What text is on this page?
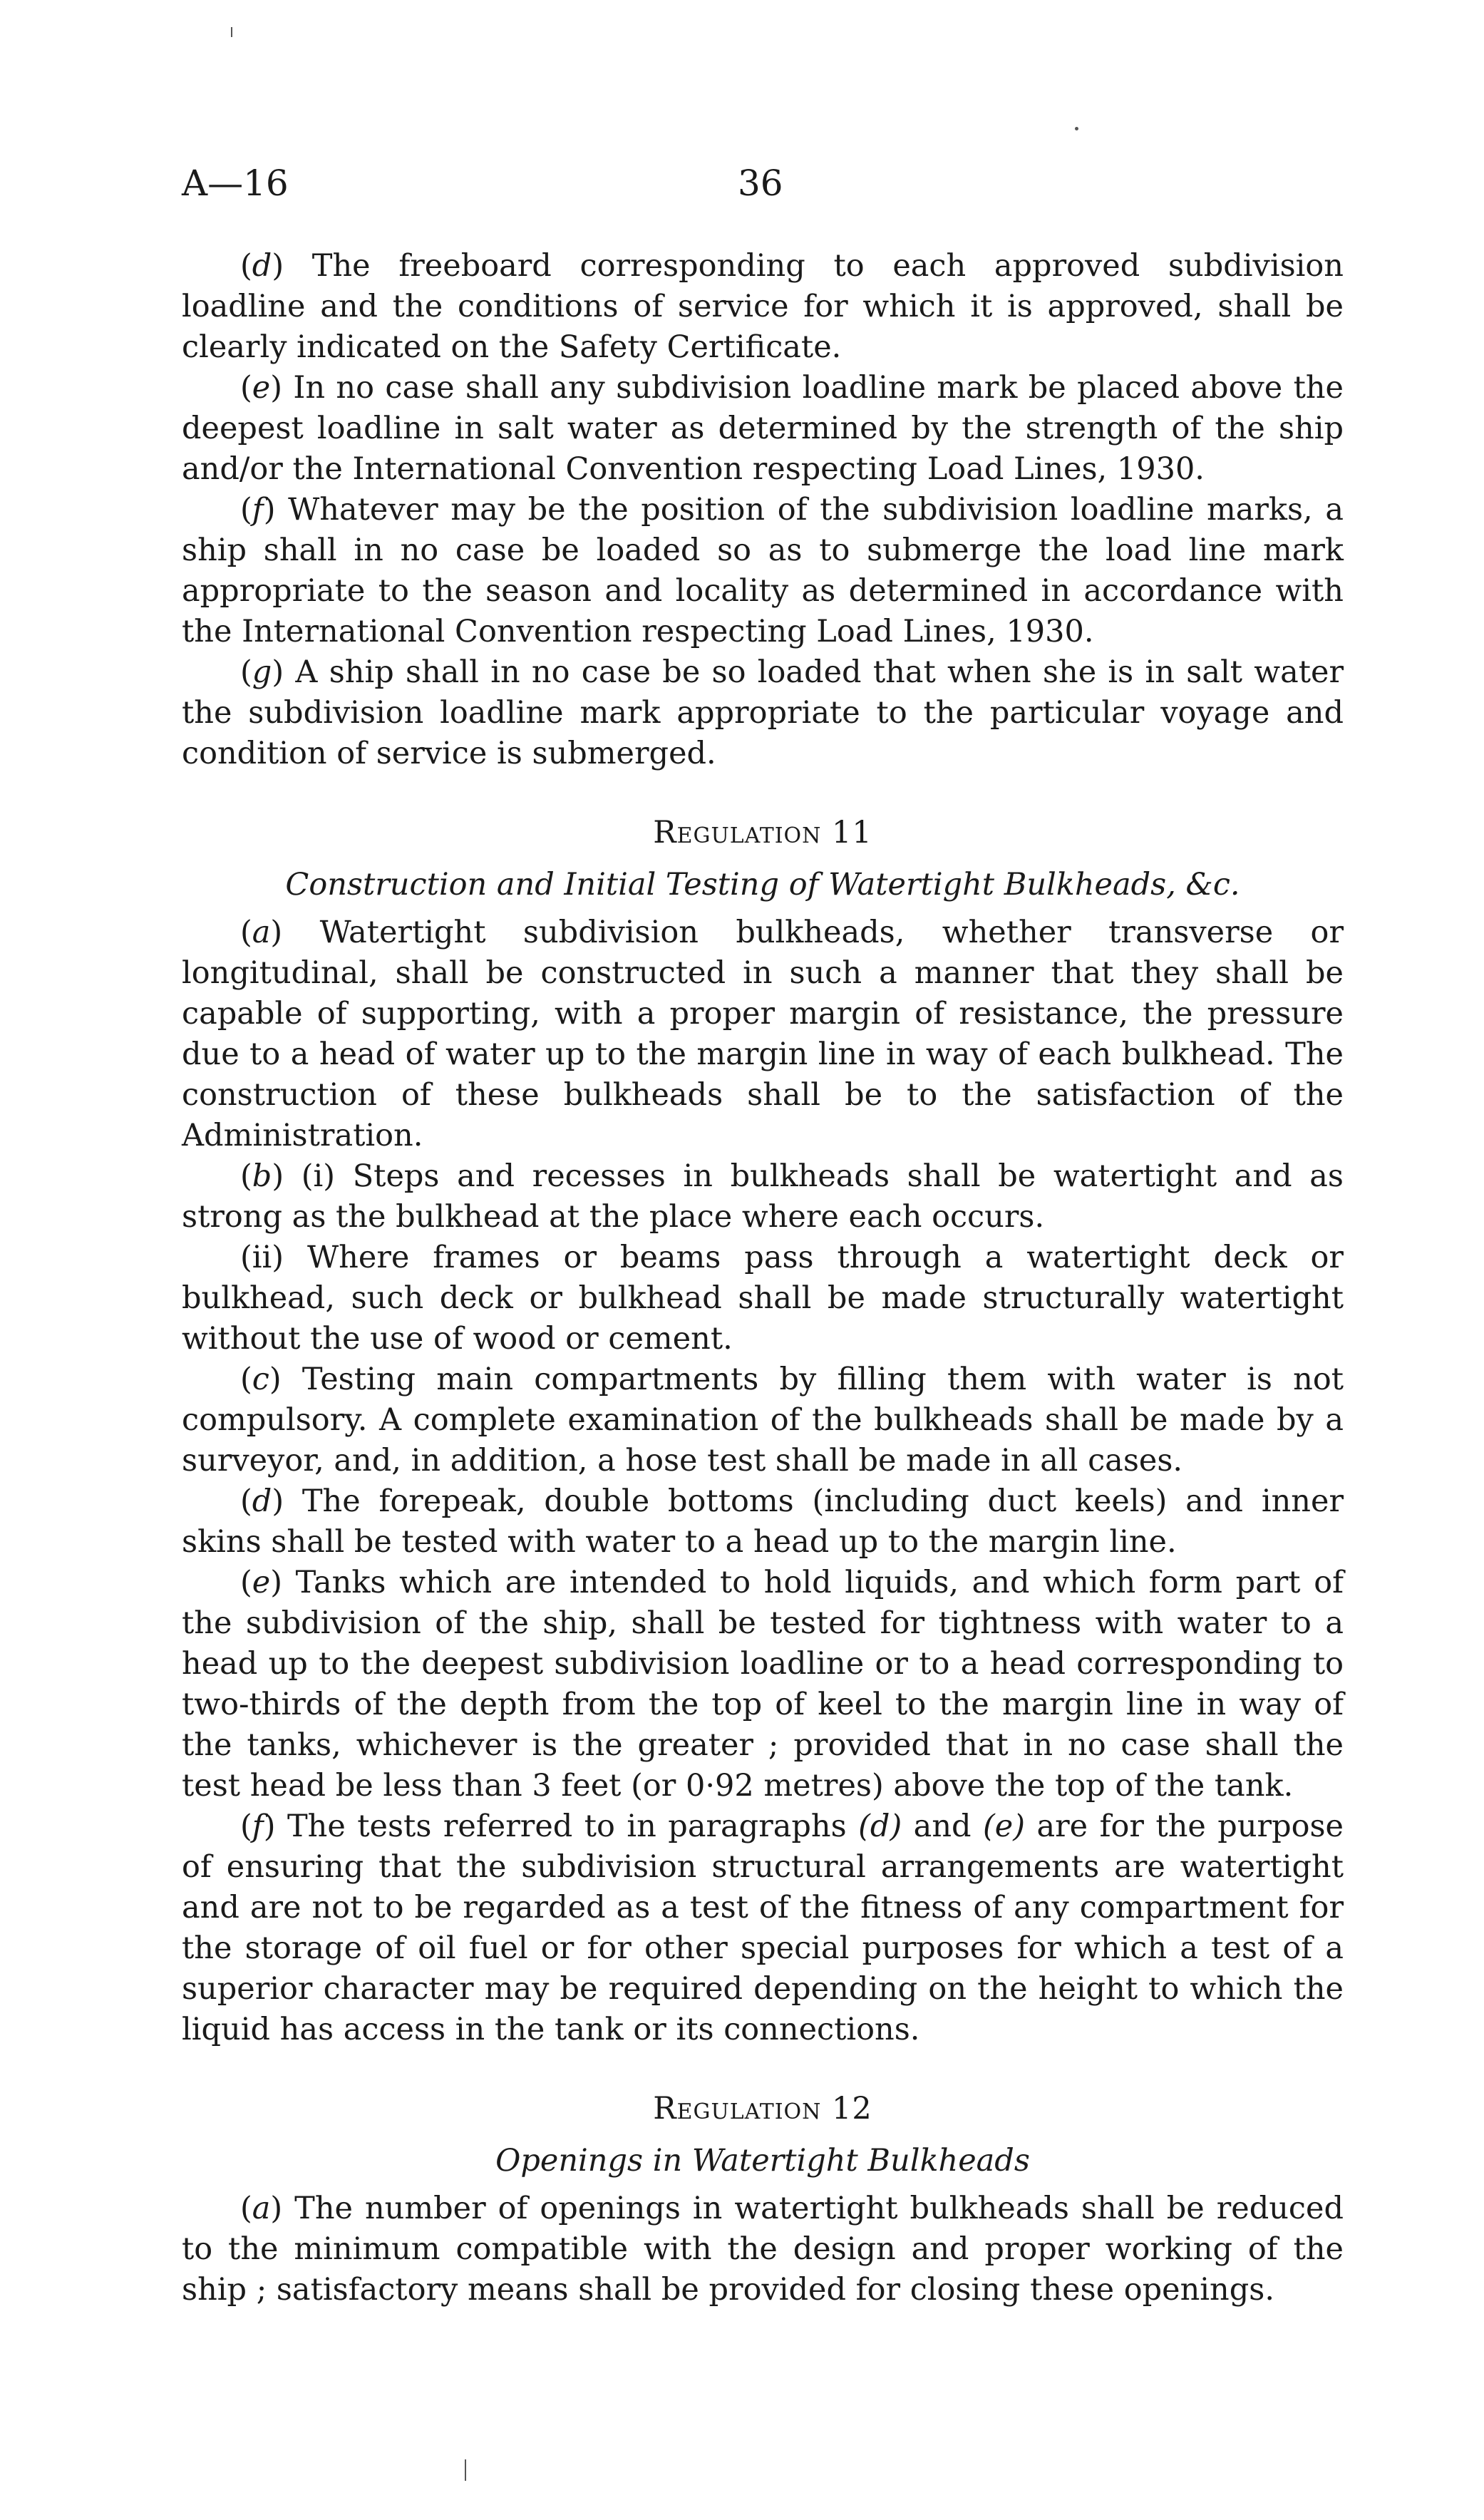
A—16	36

(d) The freeboard corresponding to each approved subdivision loadline and the conditions of service for which it is approved, shall be clearly indicated on the Safety Certificate.

(e) In no case shall any subdivision loadline mark be placed above the deepest loadline in salt water as determined by the strength of the ship and/or the International Convention respecting Load Lines, 1930.

(f) Whatever may be the position of the subdivision loadline marks, a ship shall in no case be loaded so as to submerge the load line mark appropriate to the season and locality as determined in accordance with the International Convention respecting Load Lines, 1930.

(g) A ship shall in no case be so loaded that when she is in salt water the subdivision loadline mark appropriate to the particular voyage and condition of service is submerged.

Regulation 11
Construction and Initial Testing of Watertight Bulkheads, &c.

(a) Watertight subdivision bulkheads, whether transverse or longitudinal, shall be constructed in such a manner that they shall be capable of supporting, with a proper margin of resistance, the pressure due to a head of water up to the margin line in way of each bulkhead. The construction of these bulkheads shall be to the satisfaction of the Administration.

(b) (i) Steps and recesses in bulkheads shall be watertight and as strong as the bulkhead at the place where each occurs.

(ii) Where frames or beams pass through a watertight deck or bulkhead, such deck or bulkhead shall be made structurally watertight without the use of wood or cement.

(c) Testing main compartments by filling them with water is not compulsory. A complete examination of the bulkheads shall be made by a surveyor, and, in addition, a hose test shall be made in all cases.

(d) The forepeak, double bottoms (including duct keels) and inner skins shall be tested with water to a head up to the margin line.

(e) Tanks which are intended to hold liquids, and which form part of the subdivision of the ship, shall be tested for tightness with water to a head up to the deepest subdivision loadline or to a head corresponding to two-thirds of the depth from the top of keel to the margin line in way of the tanks, whichever is the greater ; provided that in no case shall the test head be less than 3 feet (or 0·92 metres) above the top of the tank.

(f) The tests referred to in paragraphs (d) and (e) are for the purpose of ensuring that the subdivision structural arrangements are watertight and are not to be regarded as a test of the fitness of any compartment for the storage of oil fuel or for other special purposes for which a test of a superior character may be required depending on the height to which the liquid has access in the tank or its connections.

Regulation 12
Openings in Watertight Bulkheads

(a) The number of openings in watertight bulkheads shall be reduced to the minimum compatible with the design and proper working of the ship ; satisfactory means shall be provided for closing these openings.
